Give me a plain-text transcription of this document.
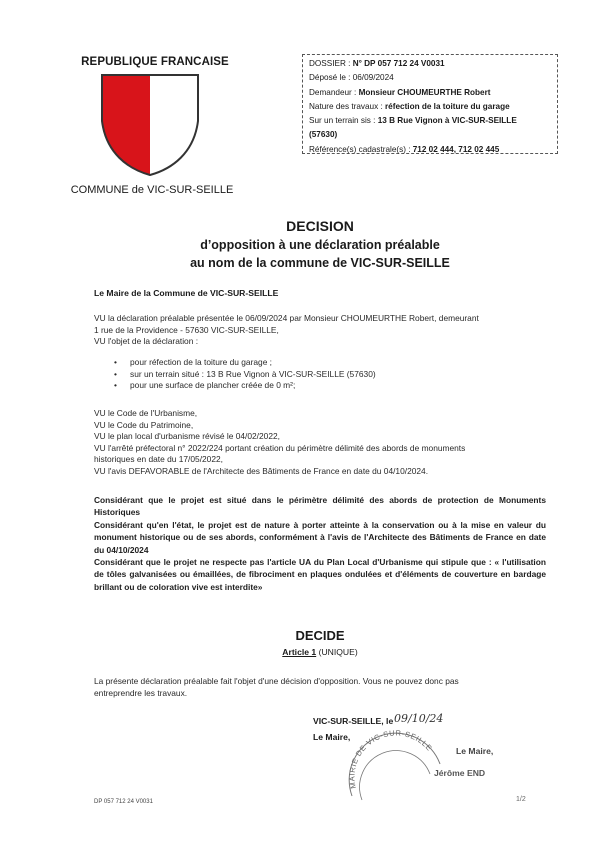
REPUBLIQUE FRANCAISE
COMMUNE de VIC-SUR-SEILLE
DOSSIER : N° DP 057 712 24 V0031
Déposé le : 06/09/2024
Demandeur : Monsieur CHOUMEURTHE Robert
Nature des travaux : réfection de la toiture du garage
Sur un terrain sis : 13 B Rue Vignon à VIC-SUR-SEILLE
(57630)
Référence(s) cadastrale(s) : 712 02 444, 712 02 445
DECISION
d’opposition à une déclaration préalable
au nom de la commune de VIC-SUR-SEILLE
Le Maire de la Commune de VIC-SUR-SEILLE
VU la déclaration préalable présentée le 06/09/2024 par Monsieur CHOUMEURTHE Robert, demeurant
1 rue de la Providence - 57630 VIC-SUR-SEILLE,
VU l'objet de la déclaration :
• pour réfection de la toiture du garage ;
• sur un terrain situé : 13 B Rue Vignon à VIC-SUR-SEILLE (57630)
• pour une surface de plancher créée de 0 m²;
VU le Code de l'Urbanisme,
VU le Code du Patrimoine,
VU le plan local d'urbanisme révisé le 04/02/2022,
VU l'arrêté préfectoral n° 2022/224 portant création du périmètre délimité des abords de monuments
historiques en date du 17/05/2022,
VU l'avis DEFAVORABLE de l'Architecte des Bâtiments de France en date du 04/10/2024.
Considérant que le projet est situé dans le périmètre délimité des abords de protection de Monuments Historiques
Considérant qu'en l'état, le projet est de nature à porter atteinte à la conservation ou à la mise en valeur du monument historique ou de ses abords, conformément à l'avis de l'Architecte des Bâtiments de France en date du 04/10/2024
Considérant que le projet ne respecte pas l'article UA du Plan Local d'Urbanisme qui stipule que : « l'utilisation de tôles galvanisées ou émaillées, de fibrociment en plaques ondulées et d'éléments de couverture en bardage brillant ou de coloration vive est interdite»
DECIDE
Article 1 (UNIQUE)
La présente déclaration préalable fait l'objet d'une décision d'opposition. Vous ne pouvez donc pas
entreprendre les travaux.
VIC-SUR-SEILLE, le 09/10/24
Le Maire,
MAIRIE DE VIC-SUR-SEILLE	Le Maire,
Jérôme END
DP 057 712 24 V0031	1/2
